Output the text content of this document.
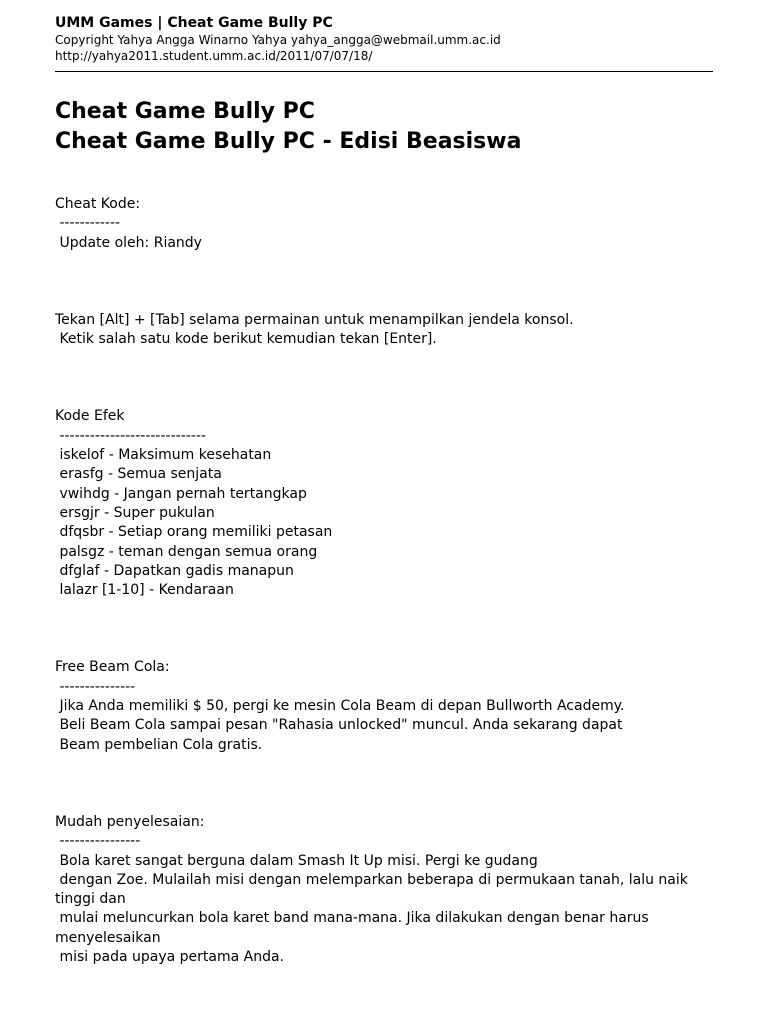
UMM Games | Cheat Game Bully PC

Copyright Yahya Angga Winarno Yahya yahya_angga@webmail.umm.ac.id

http://yahya2011.student.umm.ac.id/2011/07/07/18/

Cheat Game Bully PC
Cheat Game Bully PC - Edisi Beasiswa

Cheat Kode:

------------

Update oleh: Riandy

Tekan [Alt] + [Tab] selama permainan untuk menampilkan jendela konsol.

Ketik salah satu kode berikut kemudian tekan [Enter].

Kode Efek

-----------------------------

iskelof - Maksimum kesehatan

erasfg - Semua senjata

vwihdg - Jangan pernah tertangkap

ersgjr - Super pukulan

dfqsbr - Setiap orang memiliki petasan

palsgz - teman dengan semua orang

dfglaf - Dapatkan gadis manapun

lalazr [1-10] - Kendaraan

Free Beam Cola:

---------------

Jika Anda memiliki $ 50, pergi ke mesin Cola Beam di depan Bullworth Academy.

Beli Beam Cola sampai pesan "Rahasia unlocked" muncul. Anda sekarang dapat

Beam pembelian Cola gratis.

Mudah penyelesaian:

----------------

Bola karet sangat berguna dalam Smash It Up misi. Pergi ke gudang

dengan Zoe. Mulailah misi dengan melemparkan beberapa di permukaan tanah, lalu naik tinggi dan

mulai meluncurkan bola karet band mana-mana. Jika dilakukan dengan benar harus menyelesaikan

misi pada upaya pertama Anda.
